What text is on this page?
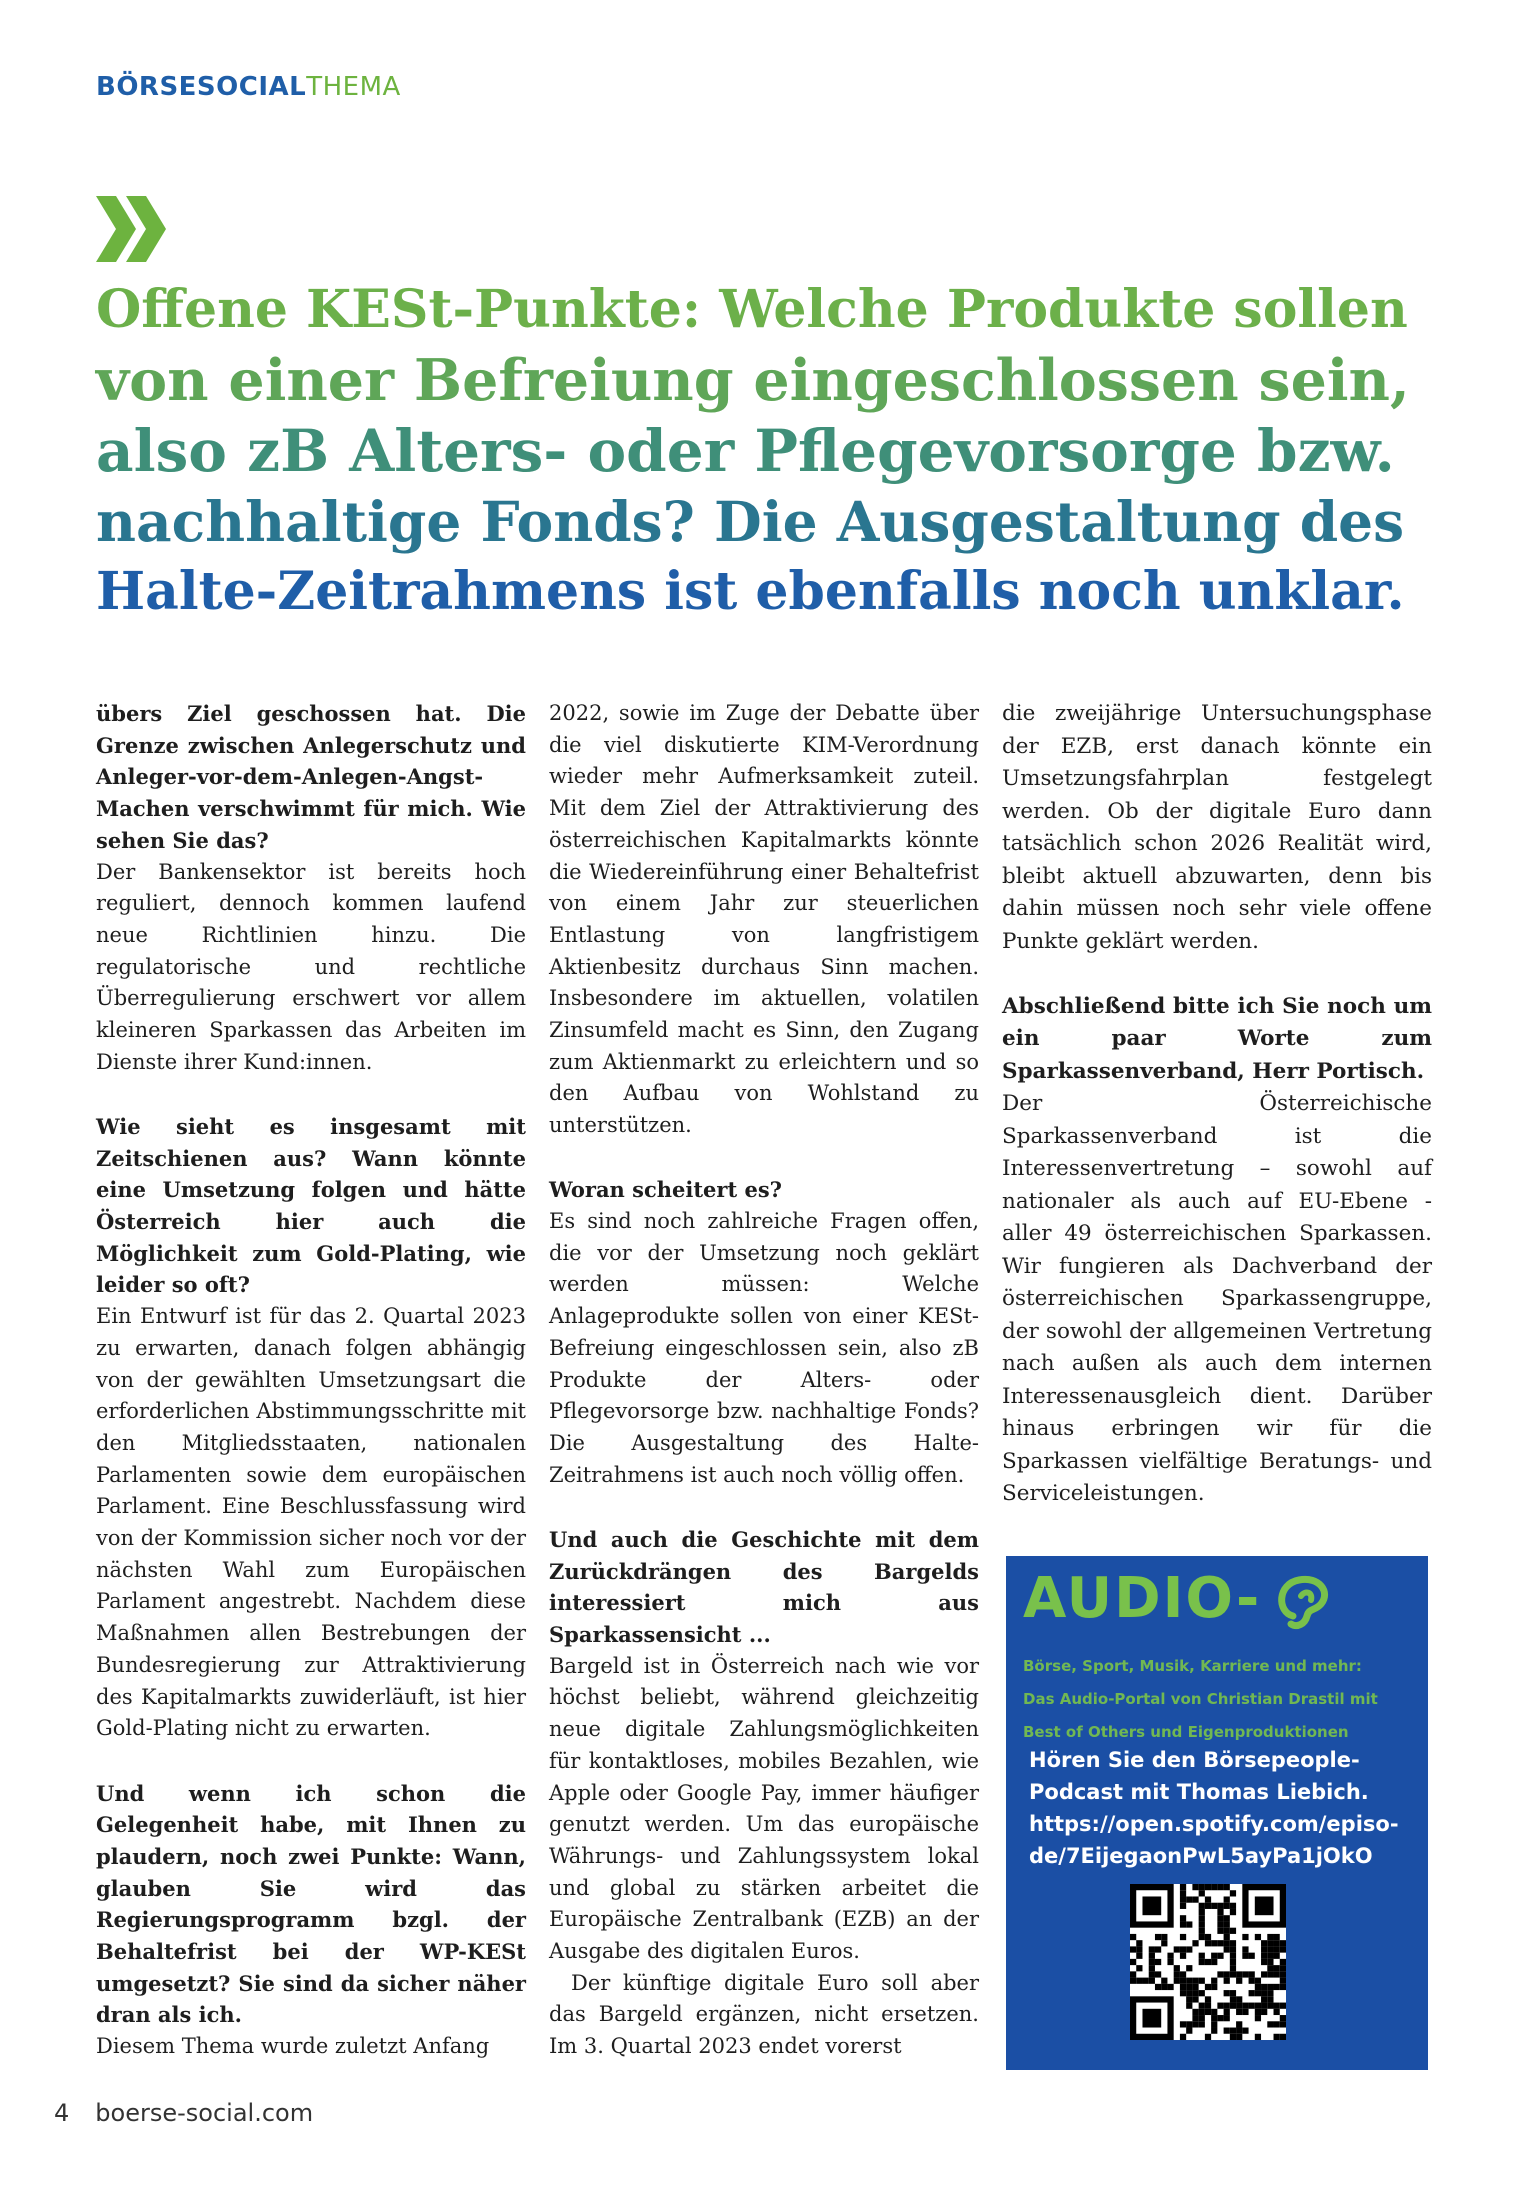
BÖRSESOCIALTHEMA
Offene KESt-Punkte: Welche Produkte sollen
von einer Befreiung eingeschlossen sein,
also zB Alters- oder Pflegevorsorge bzw.
nachhaltige Fonds? Die Ausgestaltung des
Halte-Zeitrahmens ist ebenfalls noch unklar.

übers Ziel geschossen hat. Die Grenze zwischen Anlegerschutz und Anleger-vor-dem-Anlegen-Angst-Machen verschwimmt für mich. Wie sehen Sie das?

Der Bankensektor ist bereits hoch reguliert, dennoch kommen laufend neue Richtlinien hinzu. Die regulatorische und rechtliche Überregulierung erschwert vor allem kleineren Sparkassen das Arbeiten im Dienste ihrer Kund:innen.

Wie sieht es insgesamt mit Zeitschienen aus? Wann könnte eine Umsetzung folgen und hätte Österreich hier auch die Möglichkeit zum Gold-Plating, wie leider so oft?

Ein Entwurf ist für das 2. Quartal 2023 zu erwarten, danach folgen abhängig von der gewählten Umsetzungsart die erforderlichen Abstimmungsschritte mit den Mitgliedsstaaten, nationalen Parlamenten sowie dem europäischen Parlament. Eine Beschlussfassung wird von der Kommission sicher noch vor der nächsten Wahl zum Europäischen Parlament angestrebt. Nachdem diese Maßnahmen allen Bestrebungen der Bundesregierung zur Attraktivierung des Kapitalmarkts zuwiderläuft, ist hier Gold-Plating nicht zu erwarten.

Und wenn ich schon die Gelegenheit habe, mit Ihnen zu plaudern, noch zwei Punkte: Wann, glauben Sie wird das Regierungsprogramm bzgl. der Behaltefrist bei der WP-KESt umgesetzt? Sie sind da sicher näher dran als ich.

Diesem Thema wurde zuletzt Anfang

2022, sowie im Zuge der Debatte über die viel diskutierte KIM-Verordnung wieder mehr Aufmerksamkeit zuteil. Mit dem Ziel der Attraktivierung des österreichischen Kapitalmarkts könnte die Wiedereinführung einer Behaltefrist von einem Jahr zur steuerlichen Entlastung von langfristigem Aktienbesitz durchaus Sinn machen. Insbesondere im aktuellen, volatilen Zinsumfeld macht es Sinn, den Zugang zum Aktienmarkt zu erleichtern und so den Aufbau von Wohlstand zu unterstützen.

Woran scheitert es?

Es sind noch zahlreiche Fragen offen, die vor der Umsetzung noch geklärt werden müssen: Welche Anlageprodukte sollen von einer KESt-Befreiung eingeschlossen sein, also zB Produkte der Alters- oder Pflegevorsorge bzw. nachhaltige Fonds? Die Ausgestaltung des Halte-Zeitrahmens ist auch noch völlig offen.

Und auch die Geschichte mit dem Zurückdrängen des Bargelds interessiert mich aus Sparkassensicht ...

Bargeld ist in Österreich nach wie vor höchst beliebt, während gleichzeitig neue digitale Zahlungsmöglichkeiten für kontaktloses, mobiles Bezahlen, wie Apple oder Google Pay, immer häufiger genutzt werden. Um das europäische Währungs- und Zahlungssystem lokal und global zu stärken arbeitet die Europäische Zentralbank (EZB) an der Ausgabe des digitalen Euros.

Der künftige digitale Euro soll aber das Bargeld ergänzen, nicht ersetzen. Im 3. Quartal 2023 endet vorerst

die zweijährige Untersuchungsphase der EZB, erst danach könnte ein Umsetzungsfahrplan festgelegt werden. Ob der digitale Euro dann tatsächlich schon 2026 Realität wird, bleibt aktuell abzuwarten, denn bis dahin müssen noch sehr viele offene Punkte geklärt werden.

Abschließend bitte ich Sie noch um ein paar Worte zum Sparkassenverband, Herr Portisch.

Der Österreichische Sparkassenverband ist die Interessenvertretung – sowohl auf nationaler als auch auf EU-Ebene - aller 49 österreichischen Sparkassen. Wir fungieren als Dachverband der österreichischen Sparkassengruppe, der sowohl der allgemeinen Vertretung nach außen als auch dem internen Interessenausgleich dient. Darüber hinaus erbringen wir für die Sparkassen vielfältige Beratungs- und Serviceleistungen.

AUDIO-
Börse, Sport, Musik, Karriere und mehr:
Das Audio-Portal von Christian Drastil mit
Best of Others und Eigenproduktionen
Hören Sie den Börsepeople-
Podcast mit Thomas Liebich.
https://open.spotify.com/episo-
de/7EijegaonPwL5ayPa1jOkO
4 boerse-social.com
